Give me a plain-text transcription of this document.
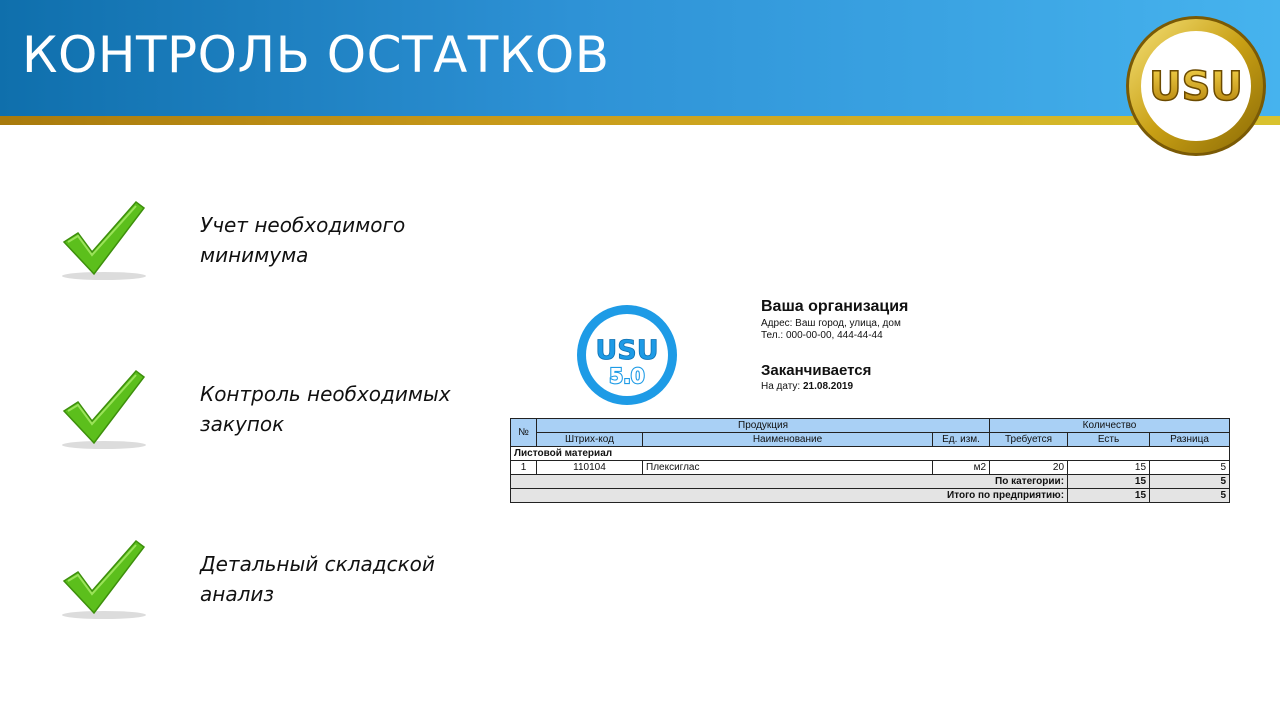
КОНТРОЛЬ ОСТАТКОВ
USU
Учет необходимого минимума
Контроль необходимых закупок
Детальный складской анализ
USU
5.0
Ваша организация
Адрес: Ваш город, улица, дом
Тел.: 000-00-00, 444-44-44
Заканчивается
На дату: 21.08.2019
№	Продукция			Количество		
	Штрих-код	Наименование	Ед. изм.	Требуется	Есть	Разница
Листовой материал						
1	110104	Плексиглас	м2	20	15	5
По категории:					15	5
Итого по предприятию:					15	5
